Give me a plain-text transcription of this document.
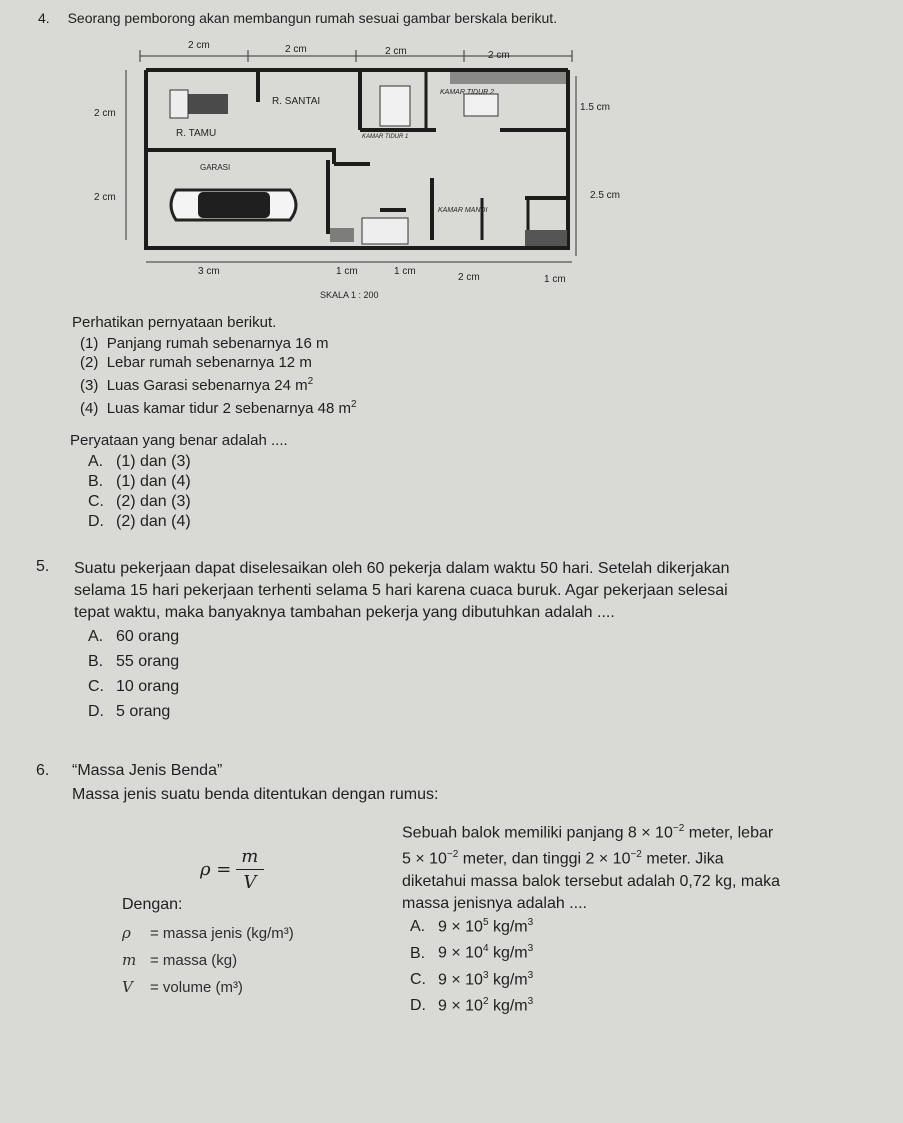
4. Seorang pemborong akan membangun rumah sesuai gambar berskala berikut.
2 cm	2 cm	2 cm	2 cm
2 cm
2 cm
1.5 cm
2.5 cm
R. SANTAI
R. TAMU
GARASI
KAMAR TIDUR 2
KAMAR TIDUR 1
KAMAR MANDI
3 cm	1 cm	1 cm
2 cm	1 cm
SKALA 1 : 200
Perhatikan pernyataan berikut.
(1) Panjang rumah sebenarnya 16 m
(2) Lebar rumah sebenarnya 12 m
(3) Luas Garasi sebenarnya 24 $m^2$
(4) Luas kamar tidur 2 sebenarnya 48 $m^2$
Peryataan yang benar adalah ....
A. (1) dan (3)
B. (1) dan (4)
C. (2) dan (3)
D. (2) dan (4)
5. Suatu pekerjaan dapat diselesaikan oleh 60 pekerja dalam waktu 50 hari. Setelah dikerjakan
selama 15 hari pekerjaan terhenti selama 5 hari karena cuaca buruk. Agar pekerjaan selesai
tepat waktu, maka banyaknya tambahan pekerja yang dibutuhkan adalah ....
A. 60 orang
B. 55 orang
C. 10 orang
D. 5 orang
6. “Massa Jenis Benda”
Massa jenis suatu benda ditentukan dengan rumus:
$\rho = \frac{m}{V}$
Dengan:
ρ = massa jenis (kg/m³)
m = massa (kg)
V = volume (m³)
Sebuah balok memiliki panjang $8 \times 10^{-2}$ meter, lebar
$5 \times 10^{-2}$ meter, dan tinggi $2 \times 10^{-2}$ meter. Jika
diketahui massa balok tersebut adalah 0,72 kg, maka
massa jenisnya adalah ....
A. $9 \times 10^5$ $kg/m^3$
B. $9 \times 10^4$ $kg/m^3$
C. $9 \times 10^3$ $kg/m^3$
D. $9 \times 10^2$ $kg/m^3$
